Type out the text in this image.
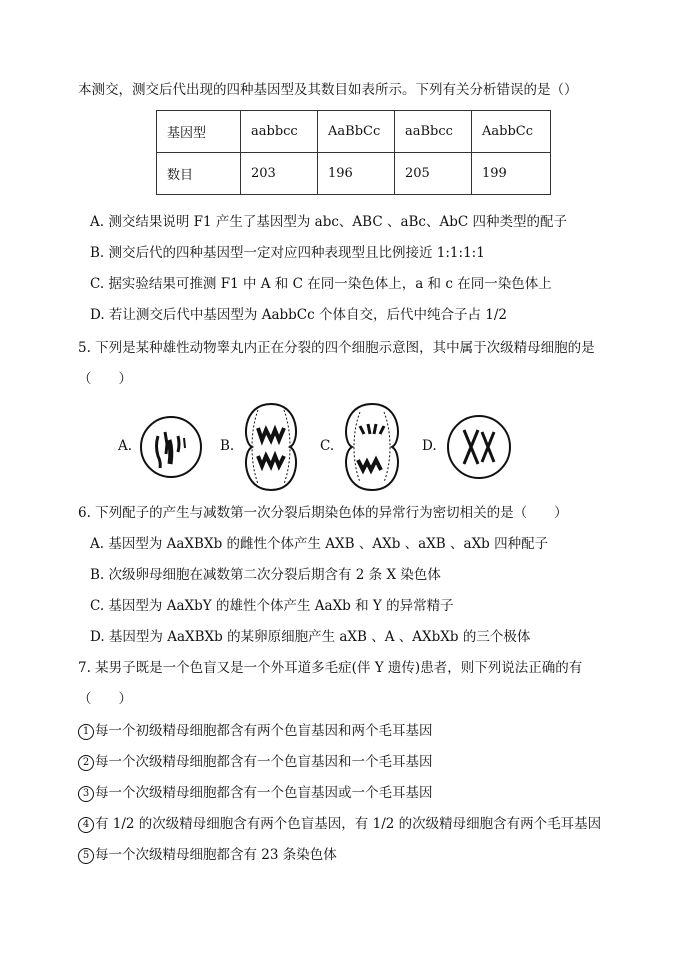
本测交，测交后代出现的四种基因型及其数目如表所示。下列有关分析错误的是（）
基因型	aabbcc	AaBbCc	aaBbcc	AabbCc
数目	203	196	205	199
A. 测交结果说明 F1 产生了基因型为 abc、ABC 、aBc、AbC 四种类型的配子
B. 测交后代的四种基因型一定对应四种表现型且比例接近 1:1:1:1
C. 据实验结果可推测 F1 中 A 和 C 在同一染色体上，a 和 c 在同一染色体上
D. 若让测交后代中基因型为 AabbCc 个体自交，后代中纯合子占 1/2
5. 下列是某种雄性动物睾丸内正在分裂的四个细胞示意图，其中属于次级精母细胞的是
（　　）
A.	B.	C.	D.
6. 下列配子的产生与减数第一次分裂后期染色体的异常行为密切相关的是（　　）
A. 基因型为 AaXBXb 的雌性个体产生 AXB 、AXb 、aXB 、aXb 四种配子
B. 次级卵母细胞在减数第二次分裂后期含有 2 条 X 染色体
C. 基因型为 AaXbY 的雄性个体产生 AaXb 和 Y 的异常精子
D. 基因型为 AaXBXb 的某卵原细胞产生 aXB 、A 、AXbXb 的三个极体
7. 某男子既是一个色盲又是一个外耳道多毛症(伴 Y 遗传)患者，则下列说法正确的有
（　　）
1 每一个初级精母细胞都含有两个色盲基因和两个毛耳基因
2 每一个次级精母细胞都含有一个色盲基因和一个毛耳基因
3 每一个次级精母细胞都含有一个色盲基因或一个毛耳基因
4 有 1/2 的次级精母细胞含有两个色盲基因，有 1/2 的次级精母细胞含有两个毛耳基因
5 每一个次级精母细胞都含有 23 条染色体
